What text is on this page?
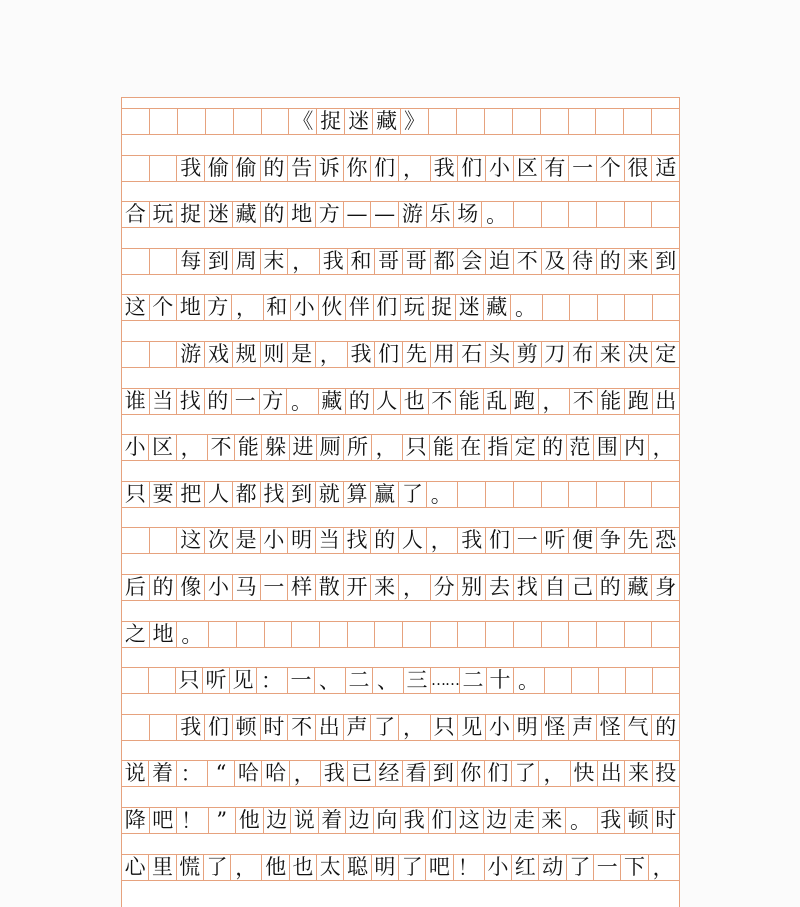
《 捉 迷 藏 》
我 偷 偷 的 告 诉 你 们 ， 我 们 小 区 有 一 个 很 适
合 玩 捉 迷 藏 的 地 方 — — 游 乐 场 。
每 到 周 末 ， 我 和 哥 哥 都 会 迫 不 及 待 的 来 到
这 个 地 方 ， 和 小 伙 伴 们 玩 捉 迷 藏 。
游 戏 规 则 是 ， 我 们 先 用 石 头 剪 刀 布 来 决 定
谁 当 找 的 一 方 。 藏 的 人 也 不 能 乱 跑 ， 不 能 跑 出
小 区 ， 不 能 躲 进 厕 所 ， 只 能 在 指 定 的 范 围 内 ，
只 要 把 人 都 找 到 就 算 赢 了 。
这 次 是 小 明 当 找 的 人 ， 我 们 一 听 便 争 先 恐
后 的 像 小 马 一 样 散 开 来 ， 分 别 去 找 自 己 的 藏 身
之 地 。
只 听 见 ： 一 、 二 、 三 …… 二 十 。
我 们 顿 时 不 出 声 了 ， 只 见 小 明 怪 声 怪 气 的
说 着 ： “ 哈 哈 ， 我 已 经 看 到 你 们 了 ， 快 出 来 投
降 吧 ！ ” 他 边 说 着 边 向 我 们 这 边 走 来 。 我 顿 时
心 里 慌 了 ， 他 也 太 聪 明 了 吧 ！ 小 红 动 了 一 下 ，
